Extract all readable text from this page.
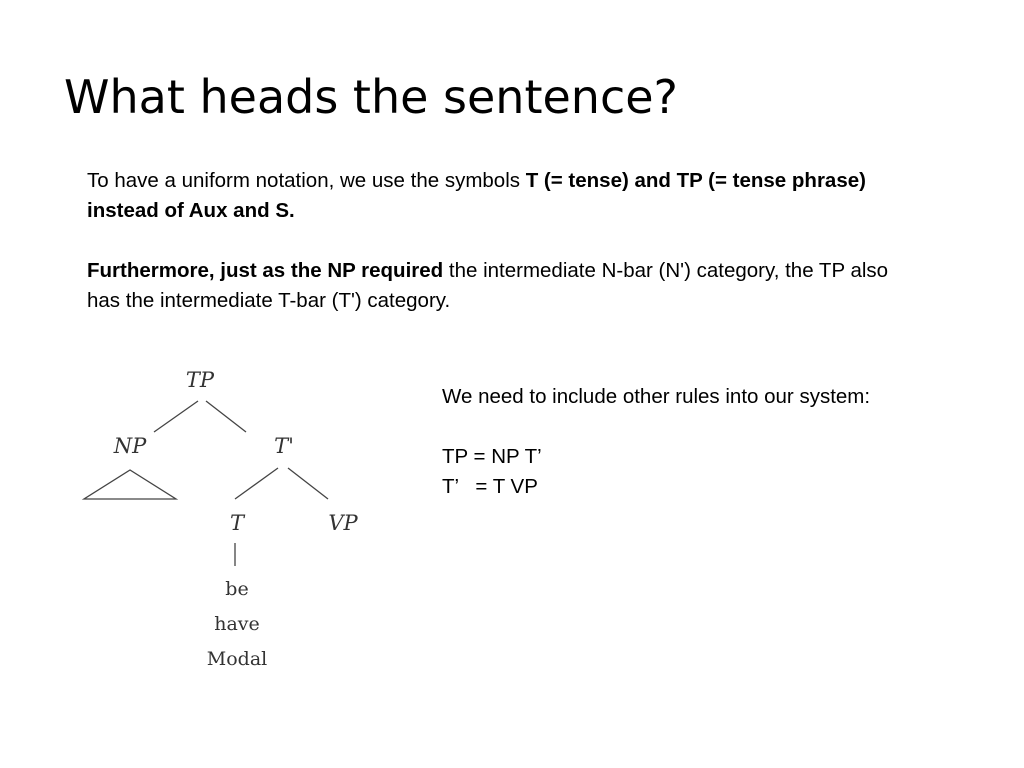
What heads the sentence?

To have a uniform notation, we use the symbols T (= tense) and TP (= tense phrase) instead of Aux and S.

Furthermore, just as the NP required the intermediate N-bar (N') category, the TP also has the intermediate T-bar (T') category.

TP
NP	T'
T	VP
be
have
Modal
We need to include other rules into our system:
TP = NP T’
T’   = T VP
